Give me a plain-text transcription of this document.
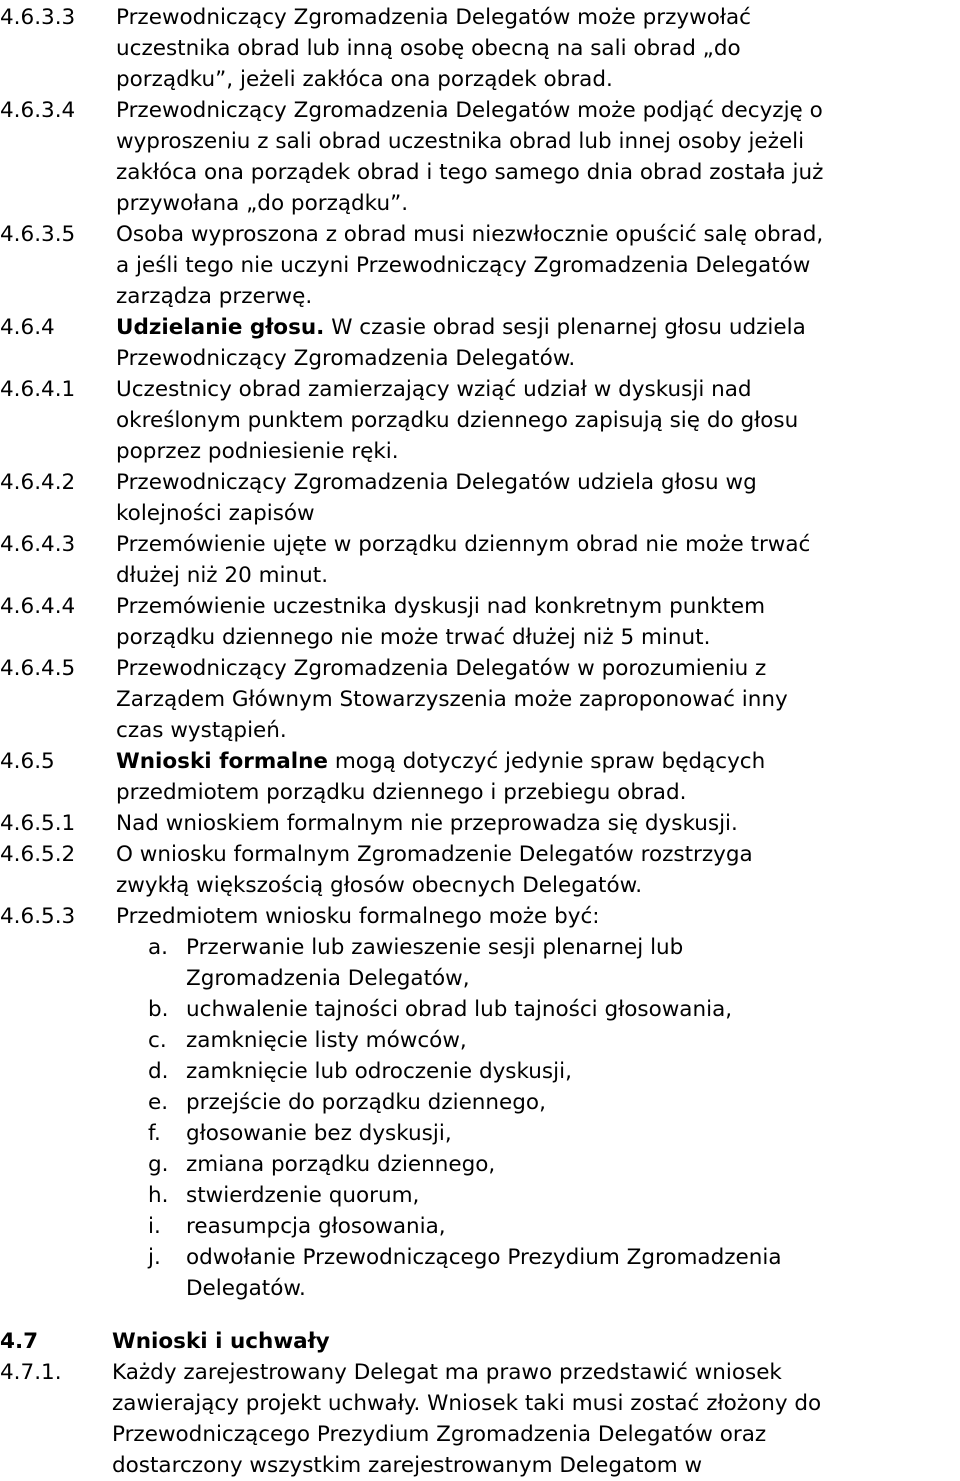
4.6.3.3 Przewodniczący Zgromadzenia Delegatów może przywołać
uczestnika obrad lub inną osobę obecną na sali obrad „do
porządku”, jeżeli zakłóca ona porządek obrad.
4.6.3.4 Przewodniczący Zgromadzenia Delegatów może podjąć decyzję o
wyproszeniu z sali obrad uczestnika obrad lub innej osoby jeżeli
zakłóca ona porządek obrad i tego samego dnia obrad została już
przywołana „do porządku”.
4.6.3.5 Osoba wyproszona z obrad musi niezwłocznie opuścić salę obrad,
a jeśli tego nie uczyni Przewodniczący Zgromadzenia Delegatów
zarządza przerwę.
4.6.4	Udzielanie głosu. W czasie obrad sesji plenarnej głosu udziela
Przewodniczący Zgromadzenia Delegatów.
4.6.4.1 Uczestnicy obrad zamierzający wziąć udział w dyskusji nad
określonym punktem porządku dziennego zapisują się do głosu
poprzez podniesienie ręki.
4.6.4.2 Przewodniczący Zgromadzenia Delegatów udziela głosu wg
kolejności zapisów
4.6.4.3 Przemówienie ujęte w porządku dziennym obrad nie może trwać
dłużej niż 20 minut.
4.6.4.4 Przemówienie uczestnika dyskusji nad konkretnym punktem
porządku dziennego nie może trwać dłużej niż 5 minut.
4.6.4.5 Przewodniczący Zgromadzenia Delegatów w porozumieniu z
Zarządem Głównym Stowarzyszenia może zaproponować inny
czas wystąpień.
4.6.5	Wnioski formalne mogą dotyczyć jedynie spraw będących
przedmiotem porządku dziennego i przebiegu obrad.
4.6.5.1 Nad wnioskiem formalnym nie przeprowadza się dyskusji.
4.6.5.2 O wniosku formalnym Zgromadzenie Delegatów rozstrzyga
zwykłą większością głosów obecnych Delegatów.
4.6.5.3 Przedmiotem wniosku formalnego może być:
a. Przerwanie lub zawieszenie sesji plenarnej lub
Zgromadzenia Delegatów,
b. uchwalenie tajności obrad lub tajności głosowania,
c. zamknięcie listy mówców,
d. zamknięcie lub odroczenie dyskusji,
e. przejście do porządku dziennego,
f. głosowanie bez dyskusji,
g. zmiana porządku dziennego,
h. stwierdzenie quorum,
i. reasumpcja głosowania,
j. odwołanie Przewodniczącego Prezydium Zgromadzenia
Delegatów.
4.7	Wnioski i uchwały
4.7.1. Każdy zarejestrowany Delegat ma prawo przedstawić wniosek
zawierający projekt uchwały. Wniosek taki musi zostać złożony do
Przewodniczącego Prezydium Zgromadzenia Delegatów oraz
dostarczony wszystkim zarejestrowanym Delegatom w
